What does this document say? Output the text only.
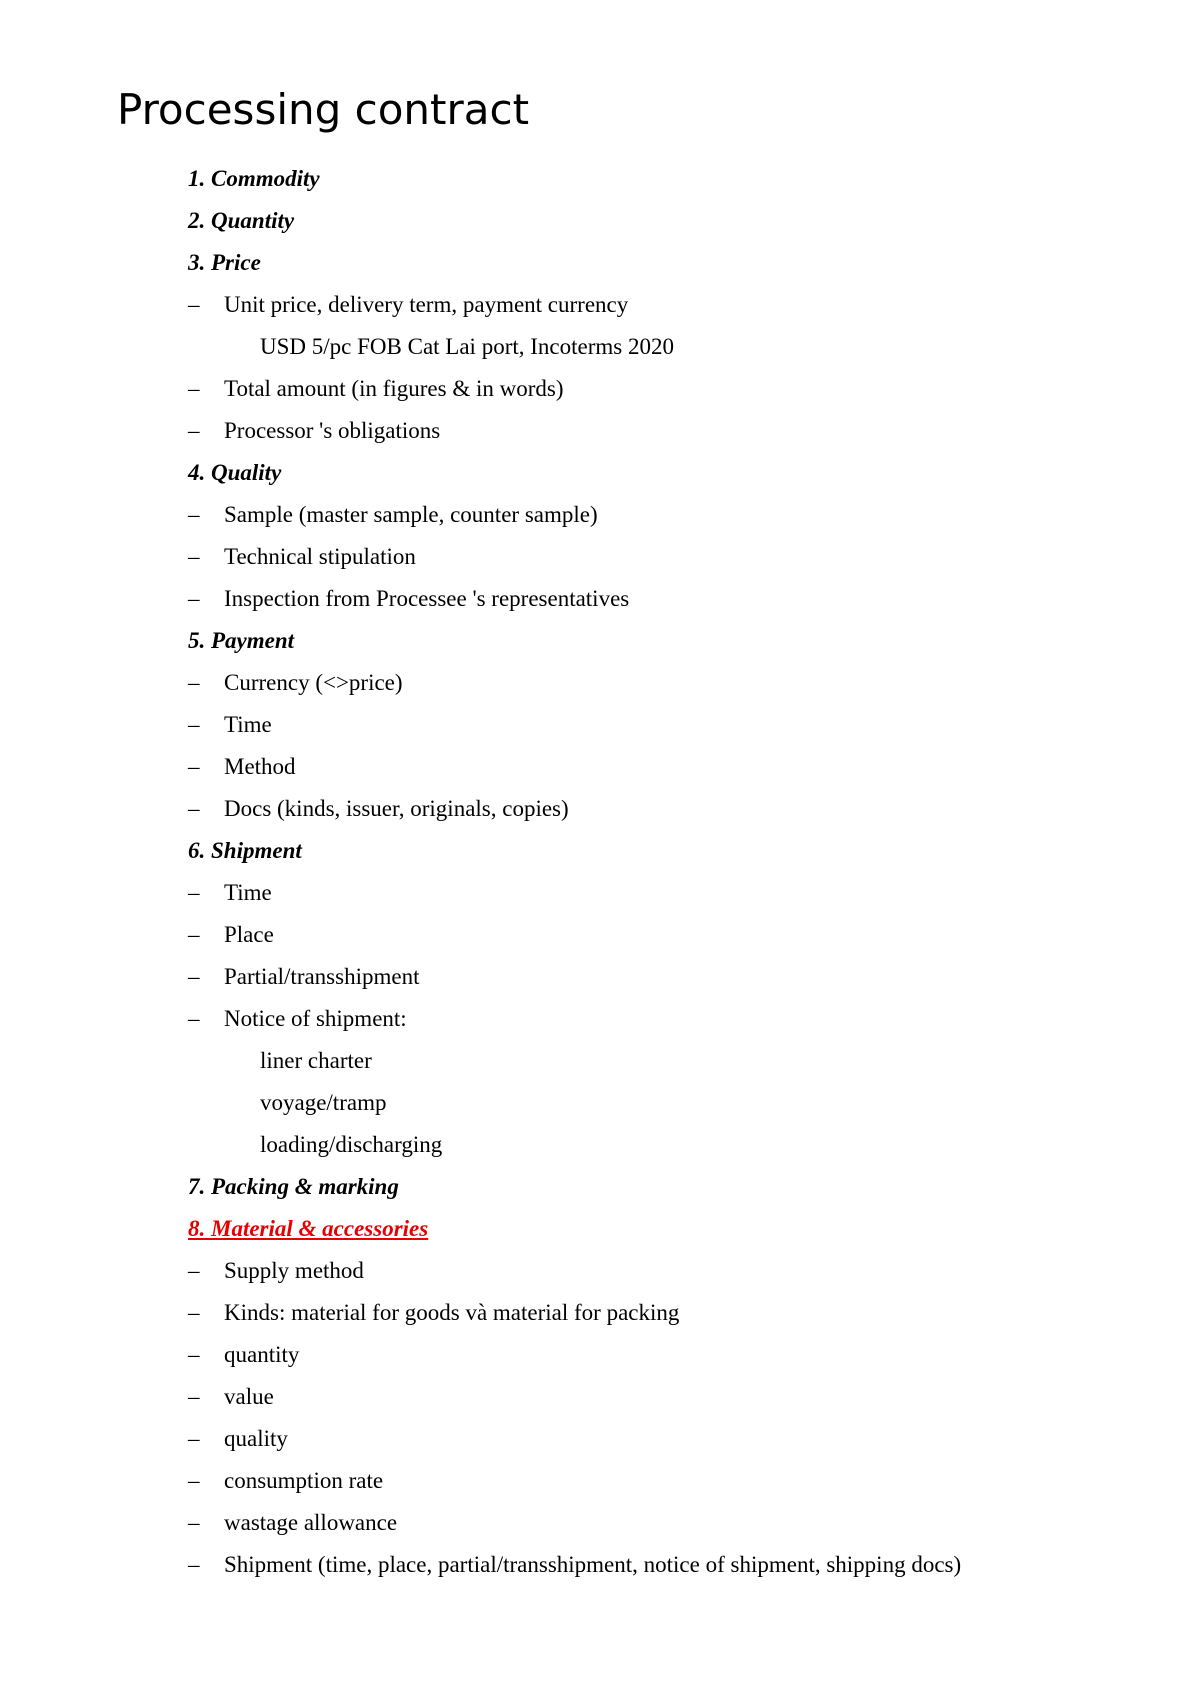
Processing contract
1. Commodity
2. Quantity
3. Price
– Unit price, delivery term, payment currency
USD 5/pc FOB Cat Lai port, Incoterms 2020
– Total amount (in figures & in words)
– Processor 's obligations
4. Quality
– Sample (master sample, counter sample)
– Technical stipulation
– Inspection from Processee 's representatives
5. Payment
– Currency (<>price)
– Time
– Method
– Docs (kinds, issuer, originals, copies)
6. Shipment
– Time
– Place
– Partial/transshipment
– Notice of shipment:
liner charter
voyage/tramp
loading/discharging
7. Packing & marking
8. Material & accessories
– Supply method
– Kinds: material for goods và material for packing
– quantity
– value
– quality
– consumption rate
– wastage allowance
– Shipment (time, place, partial/transshipment, notice of shipment, shipping docs)
